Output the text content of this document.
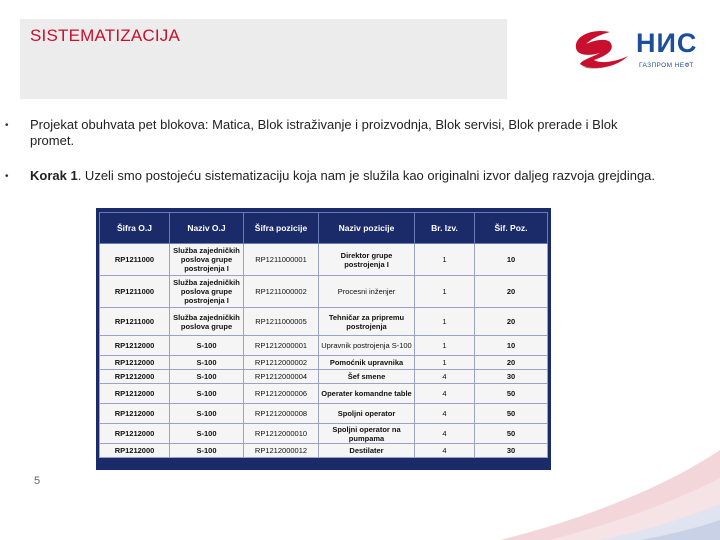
SISTEMATIZACIJA	НИС
ГАЗПРОМ НЕФТ
• Projekat obuhvata pet blokova: Matica, Blok istraživanje i proizvodnja, Blok servisi, Blok prerade i Blok promet.
• Korak 1. Uzeli smo postojeću sistematizaciju koja nam je služila kao originalni izvor daljeg razvoja grejdinga.
Šifra O.J	Naziv O.J	Šifra pozicije	Naziv pozicije	Br. Izv.	Šif. Poz.
RP1211000	Služba zajedničkih poslova grupe postrojenja I	RP1211000001	Direktor grupe postrojenja I	1	10
RP1211000	Služba zajedničkih poslova grupe postrojenja I	RP1211000002	Procesni inženjer	1	20
RP1211000	Služba zajedničkih poslova grupe	RP1211000005	Tehničar za pripremu postrojenja	1	20
RP1212000	S-100	RP1212000001	Upravnik postrojenja S-100	1	10
RP1212000	S-100	RP1212000002	Pomoćnik upravnika	1	20
RP1212000	S-100	RP1212000004	Šef smene	4	30
RP1212000	S-100	RP1212000006	Operater komandne table	4	50
RP1212000	S-100	RP1212000008	Spoljni operator	4	50
RP1212000	S-100	RP1212000010	Spoljni operator na pumpama	4	50
RP1212000	S-100	RP1212000012	Destilater	4	30
5
